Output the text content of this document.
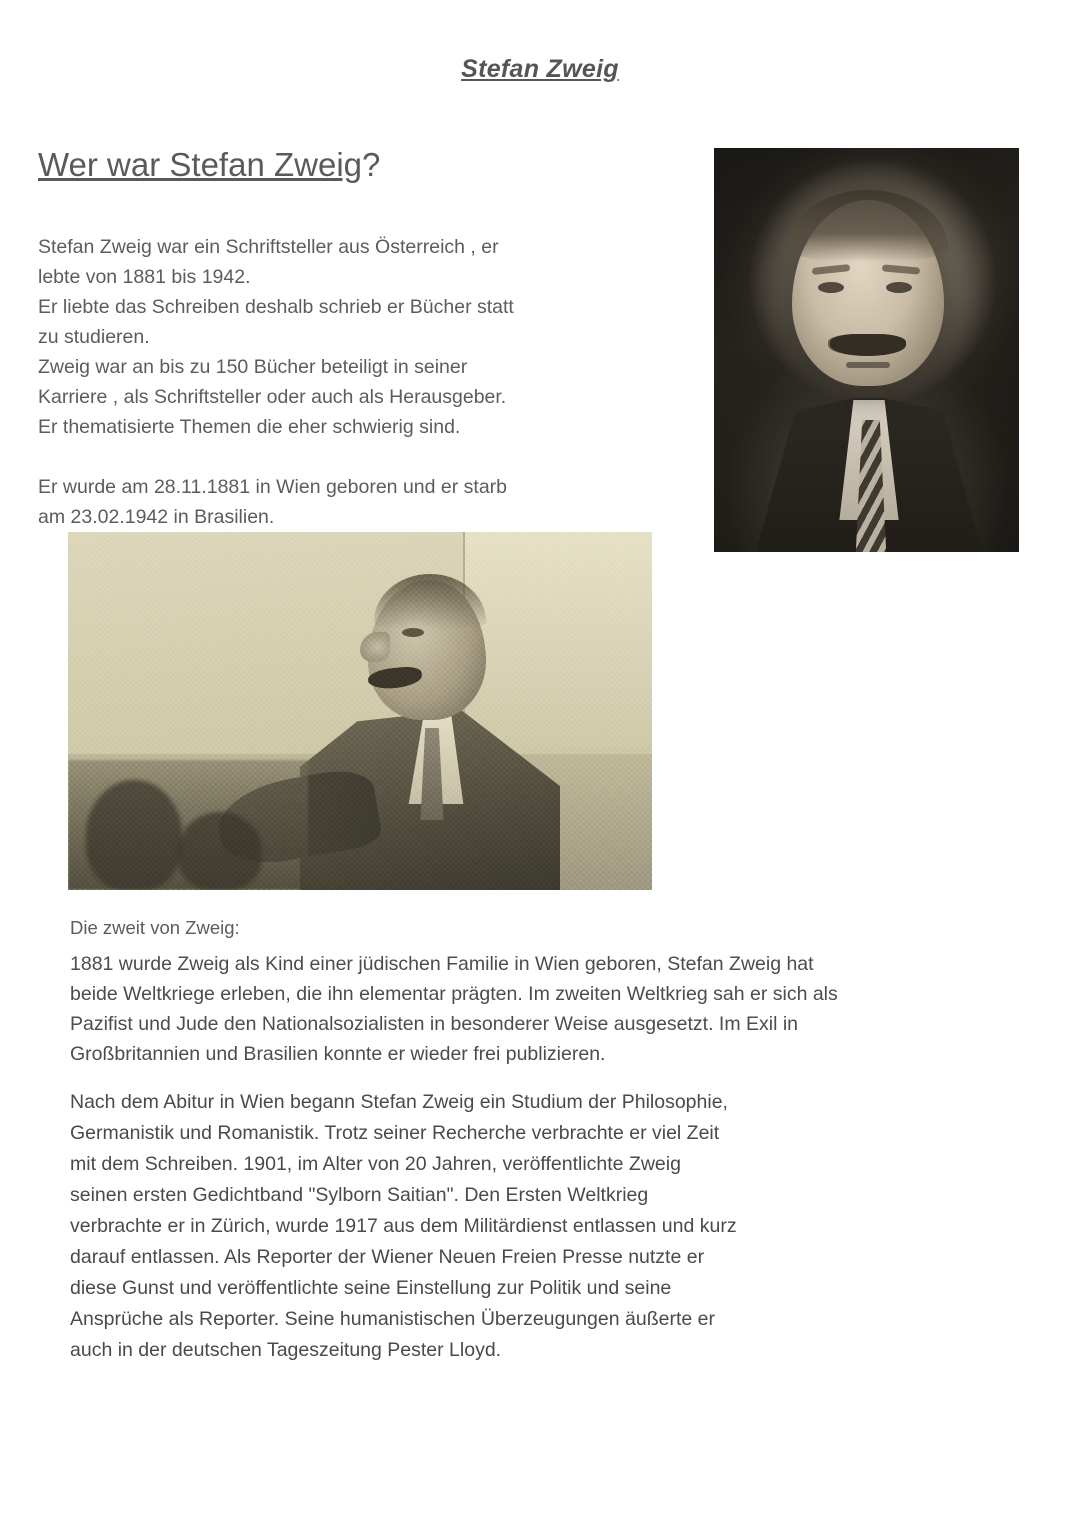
Stefan Zweig
Wer war Stefan Zweig?

Stefan Zweig war ein Schriftsteller aus Österreich , er

lebte von 1881 bis 1942.

Er liebte das Schreiben deshalb schrieb er Bücher statt

zu studieren.

Zweig war an bis zu 150 Bücher beteiligt in seiner

Karriere , als Schriftsteller oder auch als Herausgeber.

Er thematisierte Themen die eher schwierig sind.

Er wurde am 28.11.1881 in Wien geboren und er starb

am 23.02.1942 in Brasilien.

Die zweit von Zweig:

1881 wurde Zweig als Kind einer jüdischen Familie in Wien geboren, Stefan Zweig hat

beide Weltkriege erleben, die ihn elementar prägten. Im zweiten Weltkrieg sah er sich als

Pazifist und Jude den Nationalsozialisten in besonderer Weise ausgesetzt. Im Exil in

Großbritannien und Brasilien konnte er wieder frei publizieren.

Nach dem Abitur in Wien begann Stefan Zweig ein Studium der Philosophie,

Germanistik und Romanistik. Trotz seiner Recherche verbrachte er viel Zeit

mit dem Schreiben. 1901, im Alter von 20 Jahren, veröffentlichte Zweig

seinen ersten Gedichtband "Sylborn Saitian". Den Ersten Weltkrieg

verbrachte er in Zürich, wurde 1917 aus dem Militärdienst entlassen und kurz

darauf entlassen. Als Reporter der Wiener Neuen Freien Presse nutzte er

diese Gunst und veröffentlichte seine Einstellung zur Politik und seine

Ansprüche als Reporter. Seine humanistischen Überzeugungen äußerte er

auch in der deutschen Tageszeitung Pester Lloyd.
